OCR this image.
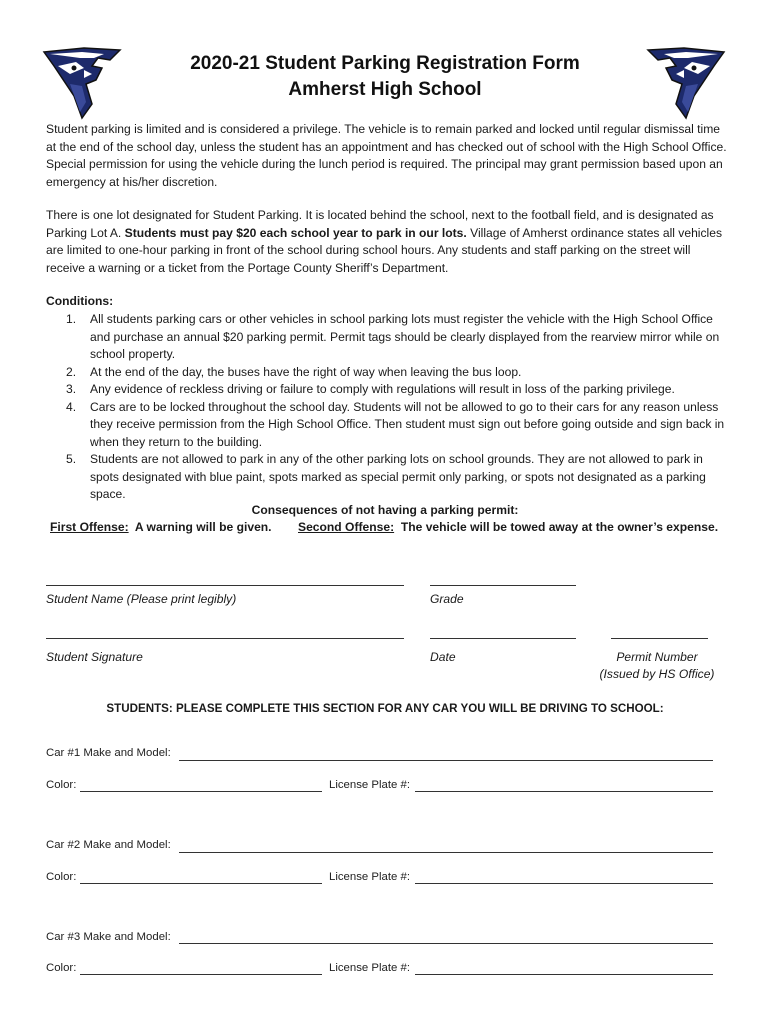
2020-21 Student Parking Registration Form
Amherst High School

Student parking is limited and is considered a privilege. The vehicle is to remain parked and locked until regular dismissal time at the end of the school day, unless the student has an appointment and has checked out of school with the High School Office. Special permission for using the vehicle during the lunch period is required. The principal may grant permission based upon an emergency at his/her discretion.

There is one lot designated for Student Parking. It is located behind the school, next to the football field, and is designated as Parking Lot A. Students must pay $20 each school year to park in our lots. Village of Amherst ordinance states all vehicles are limited to one-hour parking in front of the school during school hours. Any students and staff parking on the street will receive a warning or a ticket from the Portage County Sheriff’s Department.

Conditions:
1. All students parking cars or other vehicles in school parking lots must register the vehicle with the High School Office and purchase an annual $20 parking permit. Permit tags should be clearly displayed from the rearview mirror while on school property.
2. At the end of the day, the buses have the right of way when leaving the bus loop.
3. Any evidence of reckless driving or failure to comply with regulations will result in loss of the parking privilege.
4. Cars are to be locked throughout the school day. Students will not be allowed to go to their cars for any reason unless they receive permission from the High School Office. Then student must sign out before going outside and sign back in when they return to the building.
5. Students are not allowed to park in any of the other parking lots on school grounds. They are not allowed to park in spots designated with blue paint, spots marked as special permit only parking, or spots not designated as a parking space.
Consequences of not having a parking permit:
First Offense: A warning will be given. Second Offense: The vehicle will be towed away at the owner’s expense.
Student Name (Please print legibly)	Grade
Student Signature	Date	Permit Number
(Issued by HS Office)
STUDENTS: PLEASE COMPLETE THIS SECTION FOR ANY CAR YOU WILL BE DRIVING TO SCHOOL:
Car #1 Make and Model:
Color:	License Plate #:
Car #2 Make and Model:
Color:	License Plate #:
Car #3 Make and Model:
Color:	License Plate #:
